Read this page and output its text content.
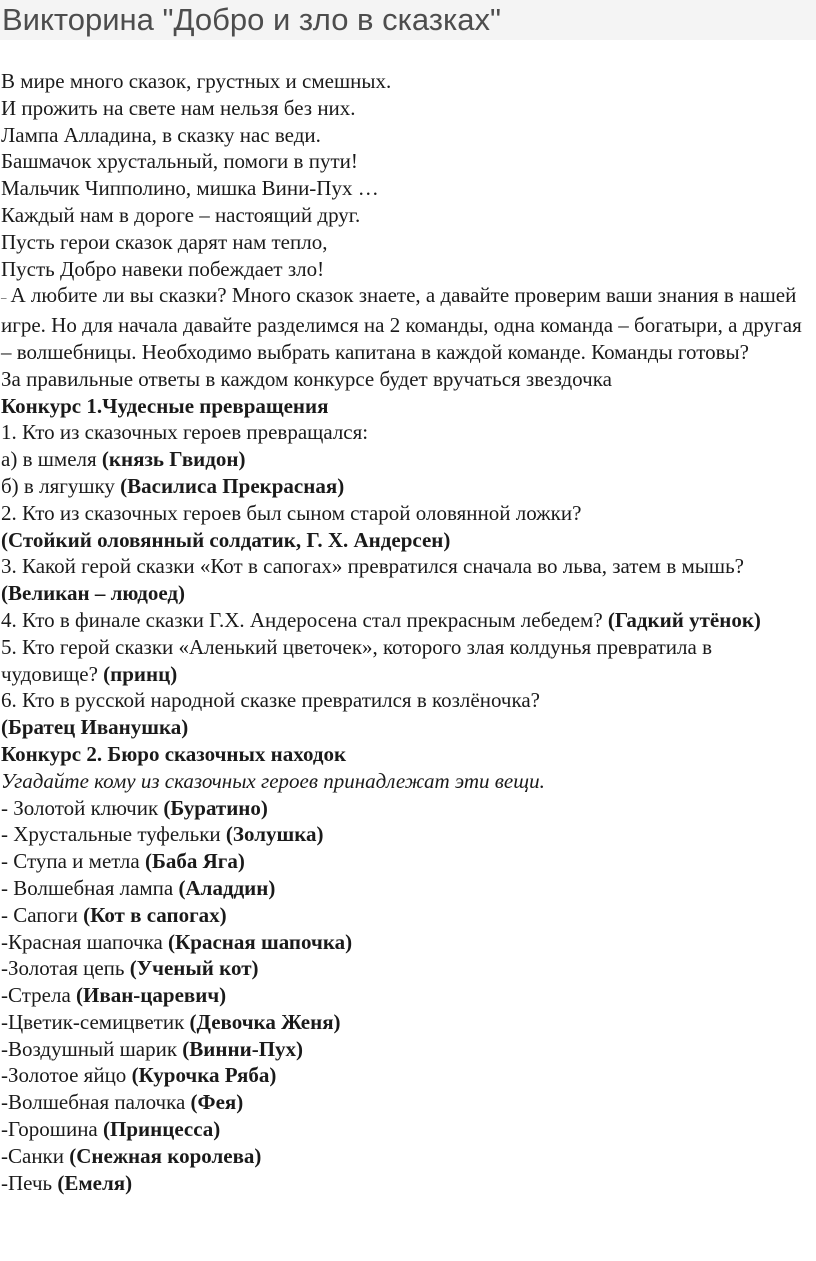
Викторина "Добро и зло в сказках"
В мире много сказок, грустных и смешных.
И прожить на свете нам нельзя без них.
Лампа Алладина, в сказку нас веди.
Башмачок хрустальный, помоги в пути!
Мальчик Чипполино, мишка Вини-Пух …
Каждый нам в дороге – настоящий друг.
Пусть герои сказок дарят нам тепло,
Пусть Добро навеки побеждает зло!

– А любите ли вы сказки? Много сказок знаете, а давайте проверим ваши знания в нашей игре. Но для начала давайте разделимся на 2 команды, одна команда – богатыри, а другая – волшебницы. Необходимо выбрать капитана в каждой команде. Команды готовы?

За правильные ответы в каждом конкурсе будет вручаться звездочка
Конкурс 1.Чудесные превращения
1. Кто из сказочных героев превращался:
а) в шмеля (князь Гвидон)
б) в лягушку (Василиса Прекрасная)
2. Кто из сказочных героев был сыном старой оловянной ложки?
(Стойкий оловянный солдатик, Г. Х. Андерсен)

3. Какой герой сказки «Кот в сапогах» превратился сначала во льва, затем в мышь? (Великан – людоед)

4. Кто в финале сказки Г.Х. Андеросена стал прекрасным лебедем? (Гадкий утёнок)

5. Кто герой сказки «Аленький цветочек», которого злая колдунья превратила в чудовище? (принц)

6. Кто в русской народной сказке превратился в козлёночка?
(Братец Иванушка)
Конкурс 2. Бюро сказочных находок
Угадайте кому из сказочных героев принадлежат эти вещи.
- Золотой ключик (Буратино)
- Хрустальные туфельки (Золушка)
- Ступа и метла (Баба Яга)
- Волшебная лампа (Аладдин)
- Сапоги (Кот в сапогах)
-Красная шапочка (Красная шапочка)
-Золотая цепь (Ученый кот)
-Стрела (Иван-царевич)
-Цветик-семицветик (Девочка Женя)
-Воздушный шарик (Винни-Пух)
-Золотое яйцо (Курочка Ряба)
-Волшебная палочка (Фея)
-Горошина (Принцесса)
-Санки (Снежная королева)
-Печь (Емеля)
